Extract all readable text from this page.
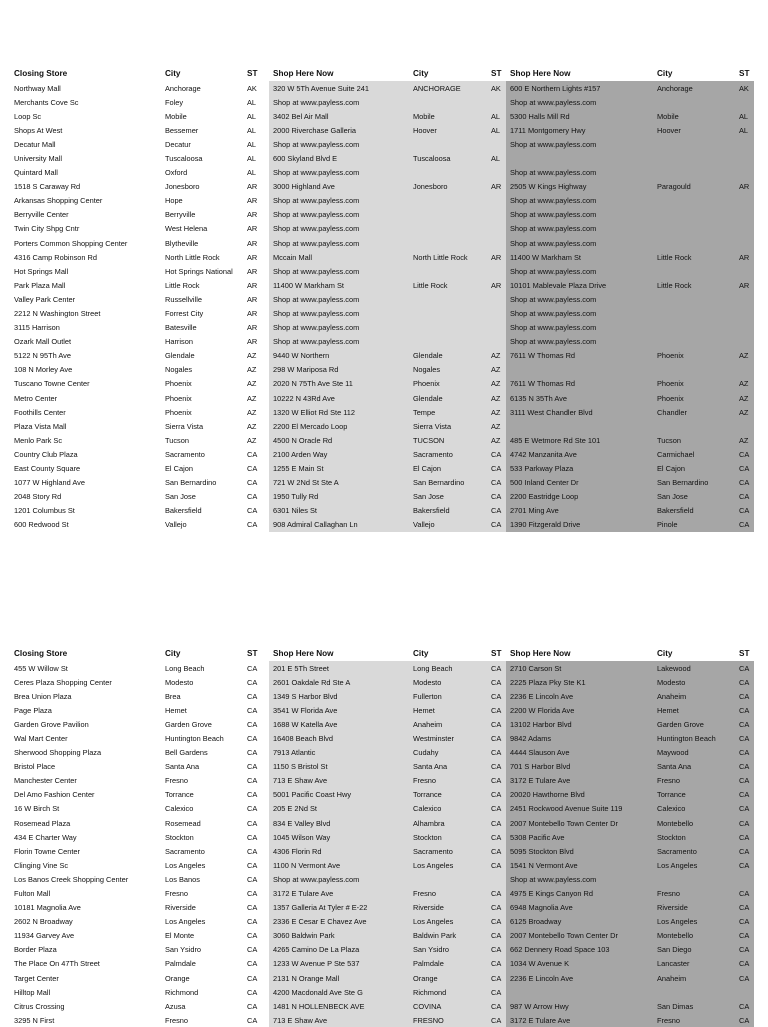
Closing Store	City	ST	Shop Here Now	City	ST	Shop Here Now	City	ST
Northway Mall	Anchorage	AK	320 W 5Th Avenue Suite 241	ANCHORAGE	AK	600 E Northern Lights #157	Anchorage	AK
Merchants Cove Sc	Foley	AL	Shop at www.payless.com			Shop at www.payless.com		
Loop Sc	Mobile	AL	3402 Bel Air Mall	Mobile	AL	5300 Halls Mill Rd	Mobile	AL
Shops At West	Bessemer	AL	2000 Riverchase Galleria	Hoover	AL	1711 Montgomery Hwy	Hoover	AL
Decatur Mall	Decatur	AL	Shop at www.payless.com			Shop at www.payless.com		
University Mall	Tuscaloosa	AL	600 Skyland Blvd E	Tuscaloosa	AL			
Quintard Mall	Oxford	AL	Shop at www.payless.com			Shop at www.payless.com		
1518 S Caraway Rd	Jonesboro	AR	3000 Highland Ave	Jonesboro	AR	2505 W Kings Highway	Paragould	AR
Arkansas Shopping Center	Hope	AR	Shop at www.payless.com			Shop at www.payless.com		
Berryville Center	Berryville	AR	Shop at www.payless.com			Shop at www.payless.com		
Twin City Shpg Cntr	West Helena	AR	Shop at www.payless.com			Shop at www.payless.com		
Porters Common Shopping Center	Blytheville	AR	Shop at www.payless.com			Shop at www.payless.com		
4316 Camp Robinson Rd	North Little Rock	AR	Mccain Mall	North Little Rock	AR	11400 W Markham St	Little Rock	AR
Hot Springs Mall	Hot Springs National	AR	Shop at www.payless.com			Shop at www.payless.com		
Park Plaza Mall	Little Rock	AR	11400 W Markham St	Little Rock	AR	10101 Mablevale Plaza Drive	Little Rock	AR
Valley Park Center	Russellville	AR	Shop at www.payless.com			Shop at www.payless.com		
2212 N Washington Street	Forrest City	AR	Shop at www.payless.com			Shop at www.payless.com		
3115 Harrison	Batesville	AR	Shop at www.payless.com			Shop at www.payless.com		
Ozark Mall Outlet	Harrison	AR	Shop at www.payless.com			Shop at www.payless.com		
5122 N 95Th Ave	Glendale	AZ	9440 W Northern	Glendale	AZ	7611 W Thomas Rd	Phoenix	AZ
108 N Morley Ave	Nogales	AZ	298 W Mariposa Rd	Nogales	AZ			
Tuscano Towne Center	Phoenix	AZ	2020 N 75Th Ave Ste 11	Phoenix	AZ	7611 W Thomas Rd	Phoenix	AZ
Metro Center	Phoenix	AZ	10222 N 43Rd Ave	Glendale	AZ	6135 N 35Th Ave	Phoenix	AZ
Foothills Center	Phoenix	AZ	1320 W Elliot Rd Ste 112	Tempe	AZ	3111 West Chandler Blvd	Chandler	AZ
Plaza Vista Mall	Sierra Vista	AZ	2200 El Mercado Loop	Sierra Vista	AZ			
Menlo Park Sc	Tucson	AZ	4500 N Oracle Rd	TUCSON	AZ	485 E Wetmore Rd Ste 101	Tucson	AZ
Country Club Plaza	Sacramento	CA	2100 Arden Way	Sacramento	CA	4742 Manzanita Ave	Carmichael	CA
East County Square	El Cajon	CA	1255 E Main St	El Cajon	CA	533 Parkway Plaza	El Cajon	CA
1077 W Highland Ave	San Bernardino	CA	721 W 2Nd St Ste A	San Bernardino	CA	500 Inland Center Dr	San Bernardino	CA
2048 Story Rd	San Jose	CA	1950 Tully Rd	San Jose	CA	2200 Eastridge Loop	San Jose	CA
1201 Columbus St	Bakersfield	CA	6301 Niles St	Bakersfield	CA	2701 Ming Ave	Bakersfield	CA
600 Redwood St	Vallejo	CA	908 Admiral Callaghan Ln	Vallejo	CA	1390 Fitzgerald Drive	Pinole	CA
Closing Store	City	ST	Shop Here Now	City	ST	Shop Here Now	City	ST
455 W Willow St	Long Beach	CA	201 E 5Th Street	Long Beach	CA	2710 Carson St	Lakewood	CA
Ceres Plaza Shopping Center	Modesto	CA	2601 Oakdale Rd Ste A	Modesto	CA	2225 Plaza Pky Ste K1	Modesto	CA
Brea Union Plaza	Brea	CA	1349 S Harbor Blvd	Fullerton	CA	2236 E Lincoln Ave	Anaheim	CA
Page Plaza	Hemet	CA	3541 W Florida Ave	Hemet	CA	2200 W Florida Ave	Hemet	CA
Garden Grove Pavilion	Garden Grove	CA	1688 W Katella Ave	Anaheim	CA	13102 Harbor Blvd	Garden Grove	CA
Wal Mart Center	Huntington Beach	CA	16408 Beach Blvd	Westminster	CA	9842 Adams	Huntington Beach	CA
Sherwood Shopping Plaza	Bell Gardens	CA	7913 Atlantic	Cudahy	CA	4444 Slauson Ave	Maywood	CA
Bristol Place	Santa Ana	CA	1150 S Bristol St	Santa Ana	CA	701 S Harbor Blvd	Santa Ana	CA
Manchester Center	Fresno	CA	713 E Shaw Ave	Fresno	CA	3172 E Tulare Ave	Fresno	CA
Del Amo Fashion Center	Torrance	CA	5001 Pacific Coast Hwy	Torrance	CA	20020 Hawthorne Blvd	Torrance	CA
16 W Birch St	Calexico	CA	205 E 2Nd St	Calexico	CA	2451 Rockwood Avenue Suite 119	Calexico	CA
Rosemead Plaza	Rosemead	CA	834 E Valley Blvd	Alhambra	CA	2007 Montebello Town Center Dr	Montebello	CA
434 E Charter Way	Stockton	CA	1045 Wilson Way	Stockton	CA	5308 Pacific Ave	Stockton	CA
Florin Towne Center	Sacramento	CA	4306 Florin Rd	Sacramento	CA	5095 Stockton Blvd	Sacramento	CA
Clinging Vine Sc	Los Angeles	CA	1100 N Vermont Ave	Los Angeles	CA	1541 N Vermont Ave	Los Angeles	CA
Los Banos Creek Shopping Center	Los Banos	CA	Shop at www.payless.com			Shop at www.payless.com		
Fulton Mall	Fresno	CA	3172 E Tulare Ave	Fresno	CA	4975 E Kings Canyon Rd	Fresno	CA
10181 Magnolia Ave	Riverside	CA	1357 Galleria At Tyler # E-22	Riverside	CA	6948 Magnolia Ave	Riverside	CA
2602 N Broadway	Los Angeles	CA	2336 E Cesar E Chavez Ave	Los Angeles	CA	6125 Broadway	Los Angeles	CA
11934 Garvey Ave	El Monte	CA	3060 Baldwin Park	Baldwin Park	CA	2007 Montebello Town Center Dr	Montebello	CA
Border Plaza	San Ysidro	CA	4265 Camino De La Plaza	San Ysidro	CA	662 Dennery Road Space 103	San Diego	CA
The Place On 47Th Street	Palmdale	CA	1233 W Avenue P Ste 537	Palmdale	CA	1034 W Avenue K	Lancaster	CA
Target Center	Orange	CA	2131 N Orange Mall	Orange	CA	2236 E Lincoln Ave	Anaheim	CA
Hilltop Mall	Richmond	CA	4200 Macdonald Ave Ste G	Richmond	CA			
Citrus Crossing	Azusa	CA	1481 N HOLLENBECK AVE	COVINA	CA	987 W Arrow Hwy	San Dimas	CA
3295 N First	Fresno	CA	713 E Shaw Ave	FRESNO	CA	3172 E Tulare Ave	Fresno	CA
